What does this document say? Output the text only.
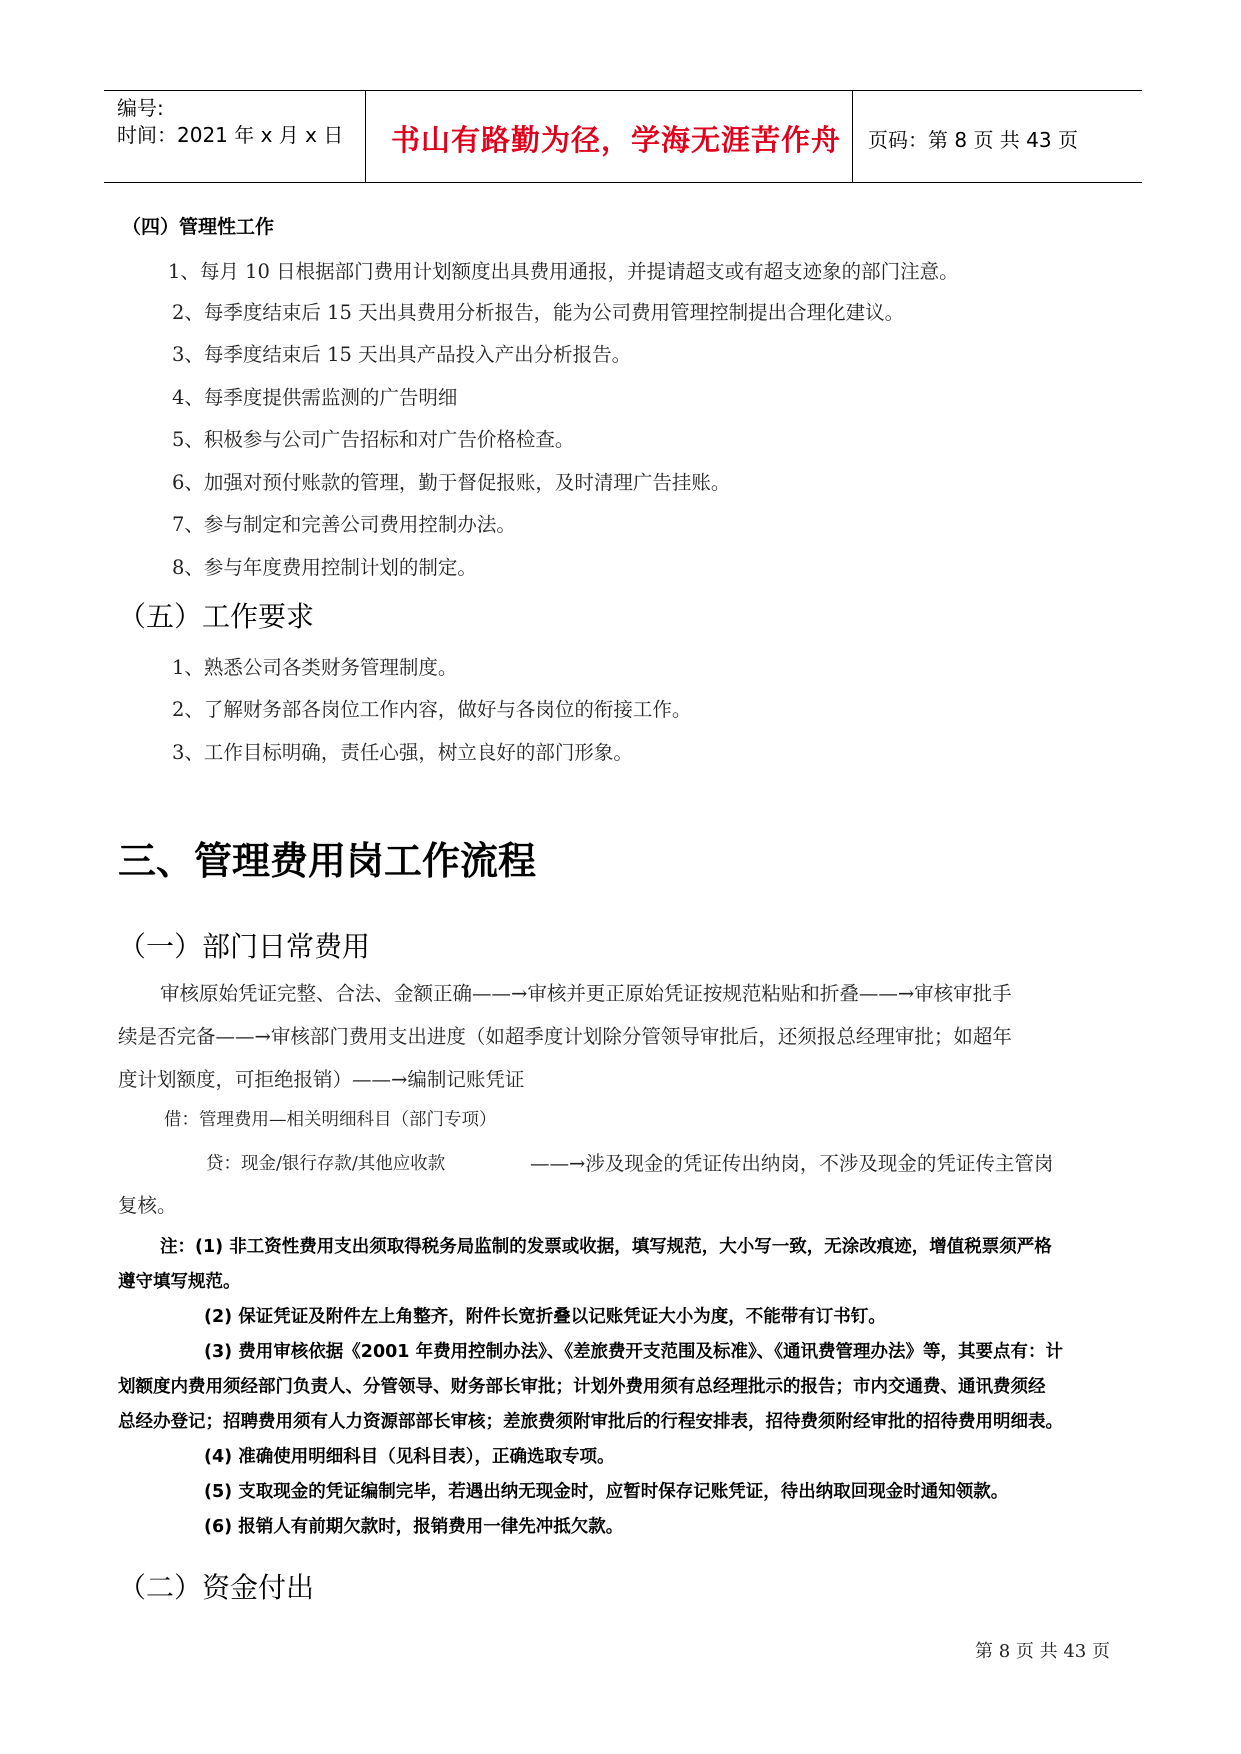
编号:
时间：2021 年 x 月 x 日 书山有路勤为径，学海无涯苦作舟 页码：第 8 页 共 43 页
（四）管理性工作
1、每月 10 日根据部门费用计划额度出具费用通报，并提请超支或有超支迹象的部门注意。
2、每季度结束后 15 天出具费用分析报告，能为公司费用管理控制提出合理化建议。
3、每季度结束后 15 天出具产品投入产出分析报告。
4、每季度提供需监测的广告明细
5、积极参与公司广告招标和对广告价格检查。
6、加强对预付账款的管理，勤于督促报账，及时清理广告挂账。
7、参与制定和完善公司费用控制办法。
8、参与年度费用控制计划的制定。
（五）工作要求
1、熟悉公司各类财务管理制度。
2、了解财务部各岗位工作内容，做好与各岗位的衔接工作。
3、工作目标明确，责任心强，树立良好的部门形象。
三、管理费用岗工作流程
（一）部门日常费用
审核原始凭证完整、合法、金额正确——→审核并更正原始凭证按规范粘贴和折叠——→审核审批手
续是否完备——→审核部门费用支出进度（如超季度计划除分管领导审批后，还须报总经理审批；如超年
度计划额度，可拒绝报销）——→编制记账凭证
借：管理费用—相关明细科目（部门专项）
贷：现金/银行存款/其他应收款	——→涉及现金的凭证传出纳岗，不涉及现金的凭证传主管岗
复核。
注：(1) 非工资性费用支出须取得税务局监制的发票或收据，填写规范，大小写一致，无涂改痕迹，增值税票须严格
遵守填写规范。
(2) 保证凭证及附件左上角整齐，附件长宽折叠以记账凭证大小为度，不能带有订书钉。
(3) 费用审核依据《2001 年费用控制办法》、《差旅费开支范围及标准》、《通讯费管理办法》等，其要点有：计
划额度内费用须经部门负责人、分管领导、财务部长审批；计划外费用须有总经理批示的报告；市内交通费、通讯费须经
总经办登记；招聘费用须有人力资源部部长审核；差旅费须附审批后的行程安排表，招待费须附经审批的招待费用明细表。
(4) 准确使用明细科目（见科目表），正确选取专项。
(5) 支取现金的凭证编制完毕，若遇出纳无现金时，应暂时保存记账凭证，待出纳取回现金时通知领款。
(6) 报销人有前期欠款时，报销费用一律先冲抵欠款。
（二）资金付出
第 8 页 共 43 页
